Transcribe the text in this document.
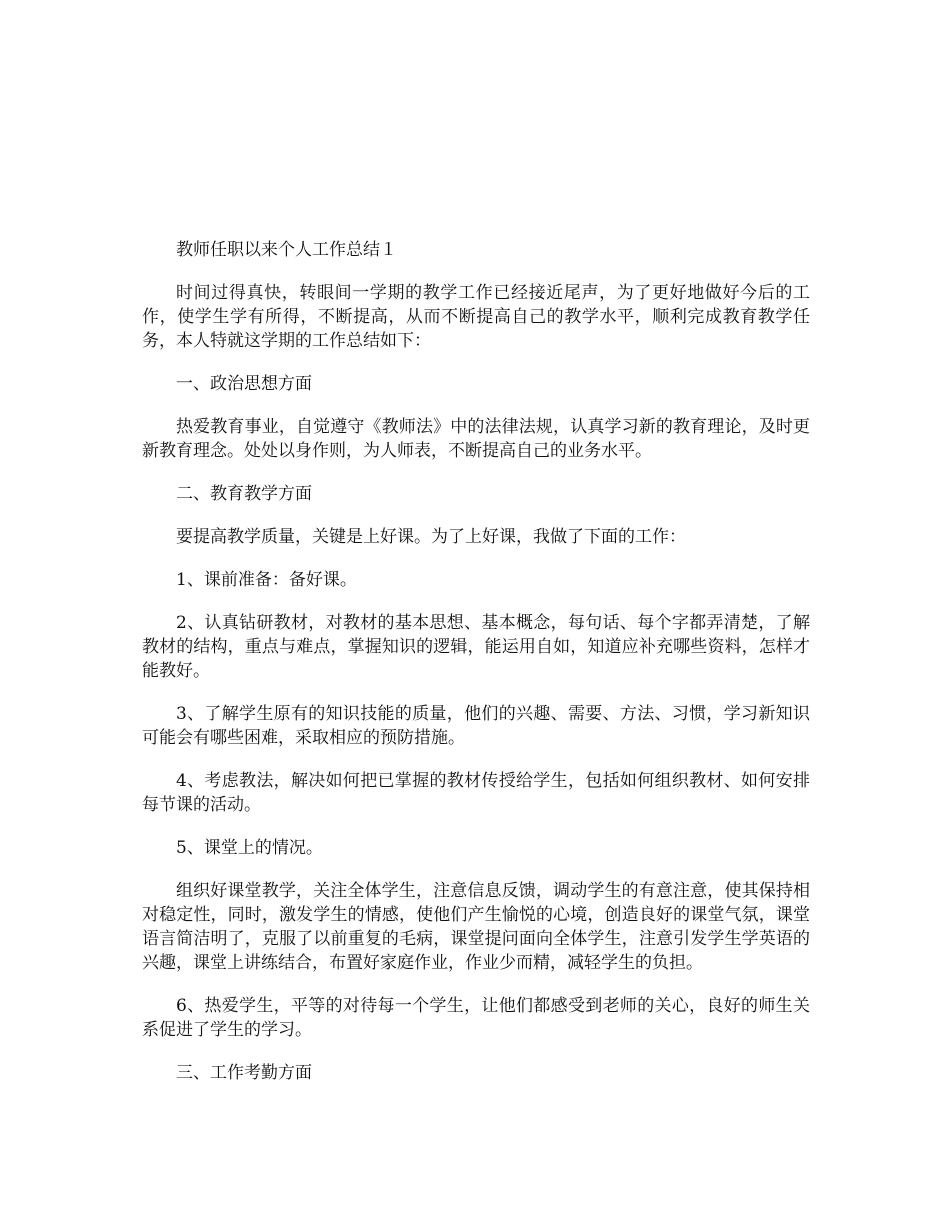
教师任职以来个人工作总结１

时间过得真快，转眼间一学期的教学工作已经接近尾声，为了更好地做好今后的工作，使学生学有所得，不断提高，从而不断提高自己的教学水平，顺利完成教育教学任务，本人特就这学期的工作总结如下：

一、政治思想方面

热爱教育事业，自觉遵守《教师法》中的法律法规，认真学习新的教育理论，及时更新教育理念。处处以身作则，为人师表，不断提高自己的业务水平。

二、教育教学方面

要提高教学质量，关键是上好课。为了上好课，我做了下面的工作：

1、课前准备：备好课。

2、认真钻研教材，对教材的基本思想、基本概念，每句话、每个字都弄清楚，了解教材的结构，重点与难点，掌握知识的逻辑，能运用自如，知道应补充哪些资料，怎样才能教好。

3、了解学生原有的知识技能的质量，他们的兴趣、需要、方法、习惯，学习新知识可能会有哪些困难，采取相应的预防措施。

4、考虑教法，解决如何把已掌握的教材传授给学生，包括如何组织教材、如何安排每节课的活动。

5、课堂上的情况。

组织好课堂教学，关注全体学生，注意信息反馈，调动学生的有意注意，使其保持相对稳定性，同时，激发学生的情感，使他们产生愉悦的心境，创造良好的课堂气氛，课堂语言简洁明了，克服了以前重复的毛病，课堂提问面向全体学生，注意引发学生学英语的兴趣，课堂上讲练结合，布置好家庭作业，作业少而精，减轻学生的负担。

6、热爱学生，平等的对待每一个学生，让他们都感受到老师的关心，良好的师生关系促进了学生的学习。

三、工作考勤方面
